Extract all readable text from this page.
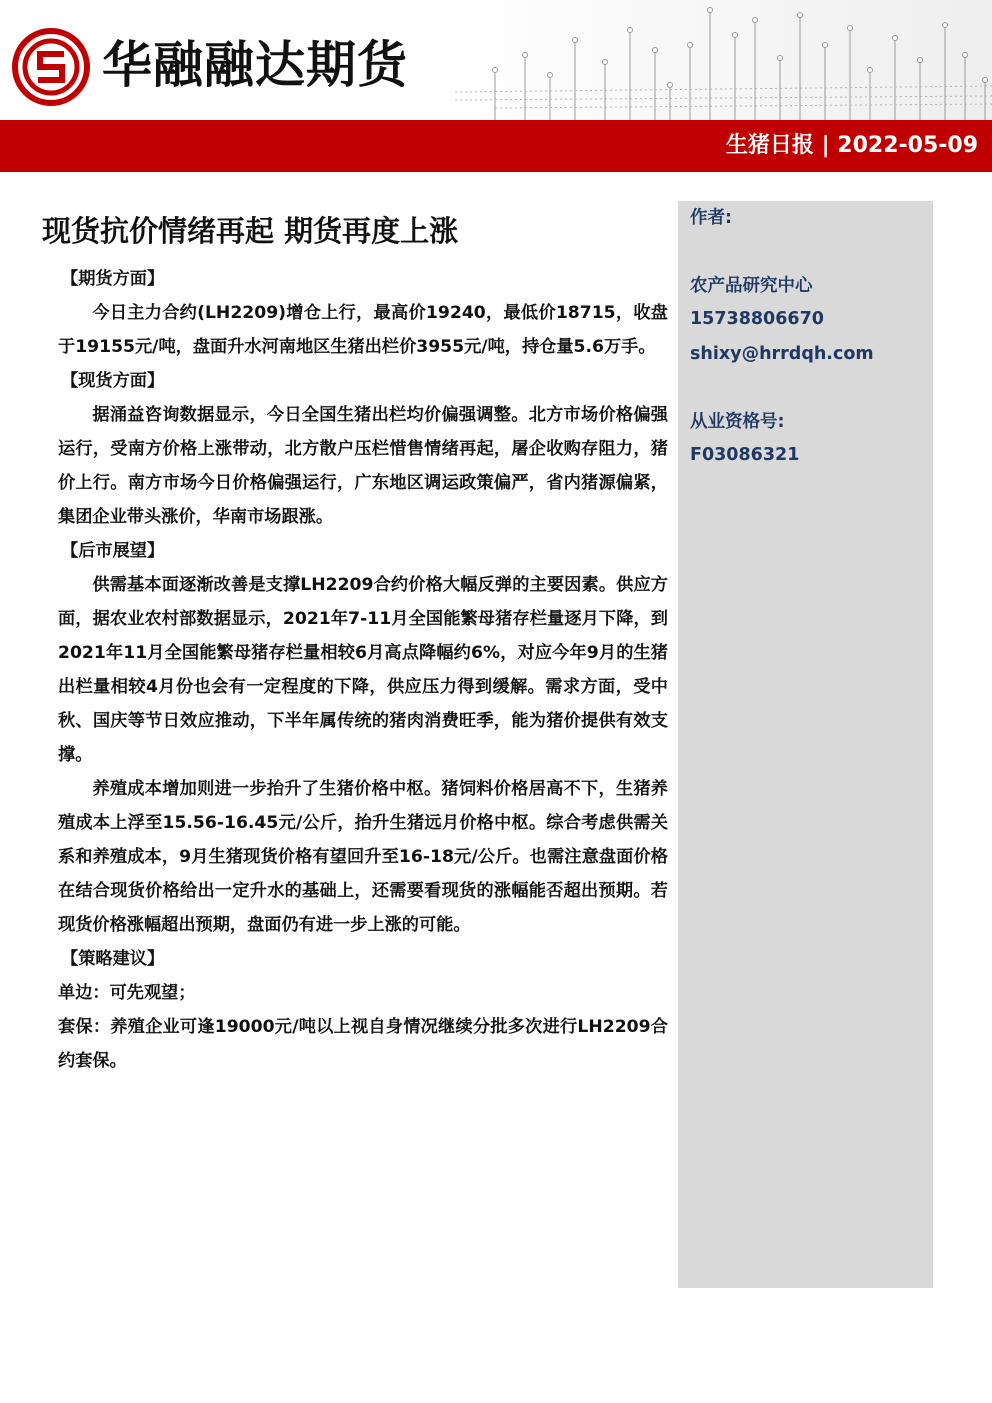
华融融达期货
生猪日报 | 2022-05-09
现货抗价情绪再起 期货再度上涨

【期货方面】

今日主力合约(LH2209)增仓上行，最高价19240，最低价18715，收盘于19155元/吨，盘面升水河南地区生猪出栏价3955元/吨，持仓量5.6万手。

【现货方面】

据涌益咨询数据显示，今日全国生猪出栏均价偏强调整。北方市场价格偏强运行，受南方价格上涨带动，北方散户压栏惜售情绪再起，屠企收购存阻力，猪价上行。南方市场今日价格偏强运行，广东地区调运政策偏严，省内猪源偏紧，集团企业带头涨价，华南市场跟涨。

【后市展望】

供需基本面逐渐改善是支撑LH2209合约价格大幅反弹的主要因素。供应方面，据农业农村部数据显示，2021年7-11月全国能繁母猪存栏量逐月下降，到2021年11月全国能繁母猪存栏量相较6月高点降幅约6%，对应今年9月的生猪出栏量相较4月份也会有一定程度的下降，供应压力得到缓解。需求方面，受中秋、国庆等节日效应推动，下半年属传统的猪肉消费旺季，能为猪价提供有效支撑。

养殖成本增加则进一步抬升了生猪价格中枢。猪饲料价格居高不下，生猪养殖成本上浮至15.56-16.45元/公斤，抬升生猪远月价格中枢。综合考虑供需关系和养殖成本，9月生猪现货价格有望回升至16-18元/公斤。也需注意盘面价格在结合现货价格给出一定升水的基础上，还需要看现货的涨幅能否超出预期。若现货价格涨幅超出预期，盘面仍有进一步上涨的可能。

【策略建议】

单边：可先观望；

套保：养殖企业可逢19000元/吨以上视自身情况继续分批多次进行LH2209合约套保。

作者:
农产品研究中心
15738806670
shixy@hrrdqh.com
从业资格号:
F03086321
